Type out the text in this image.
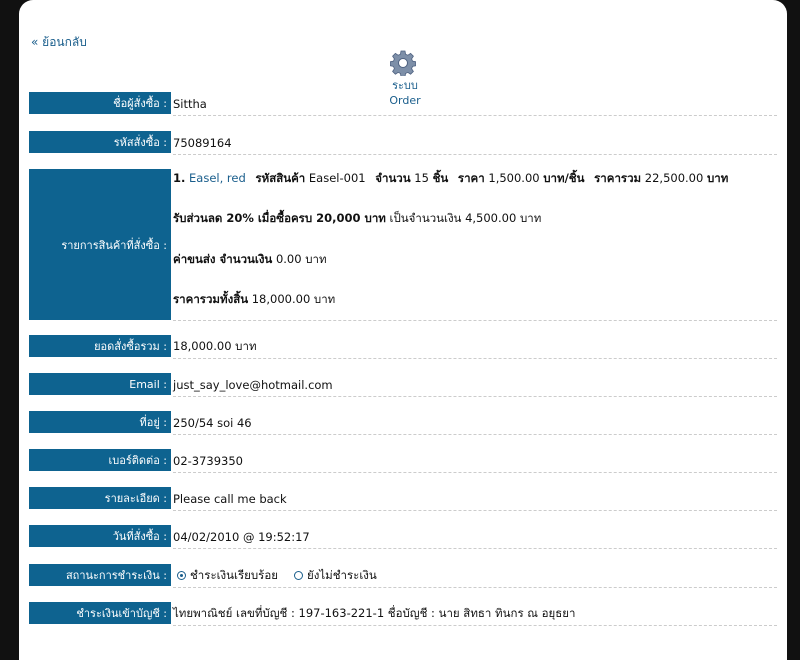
« ย้อนกลับ
ระบบ Order
ชื่อผู้สั่งซื้อ : Sittha
รหัสสั่งซื้อ : 75089164
รายการสินค้าที่สั่งซื้อ :
1. Easel, red รหัสสินค้า Easel-001 จำนวน 15 ชิ้น ราคา 1,500.00 บาท/ชิ้น ราคารวม 22,500.00 บาท
รับส่วนลด 20% เมื่อซื้อครบ 20,000 บาท เป็นจำนวนเงิน 4,500.00 บาท
ค่าขนส่ง จำนวนเงิน 0.00 บาท
ราคารวมทั้งสิ้น 18,000.00 บาท
ยอดสั่งซื้อรวม : 18,000.00 บาท
Email : just_say_love@hotmail.com
ที่อยู่ : 250/54 soi 46
เบอร์ติดต่อ : 02-3739350
รายละเอียด : Please call me back
วันที่สั่งซื้อ : 04/02/2010 @ 19:52:17
สถานะการชำระเงิน :	ชำระเงินเรียบร้อย	ยังไม่ชำระเงิน
ชำระเงินเข้าบัญชี : ไทยพาณิชย์ เลขที่บัญชี : 197-163-221-1 ชื่อบัญชี : นาย สิทธา ทินกร ณ อยุธยา
